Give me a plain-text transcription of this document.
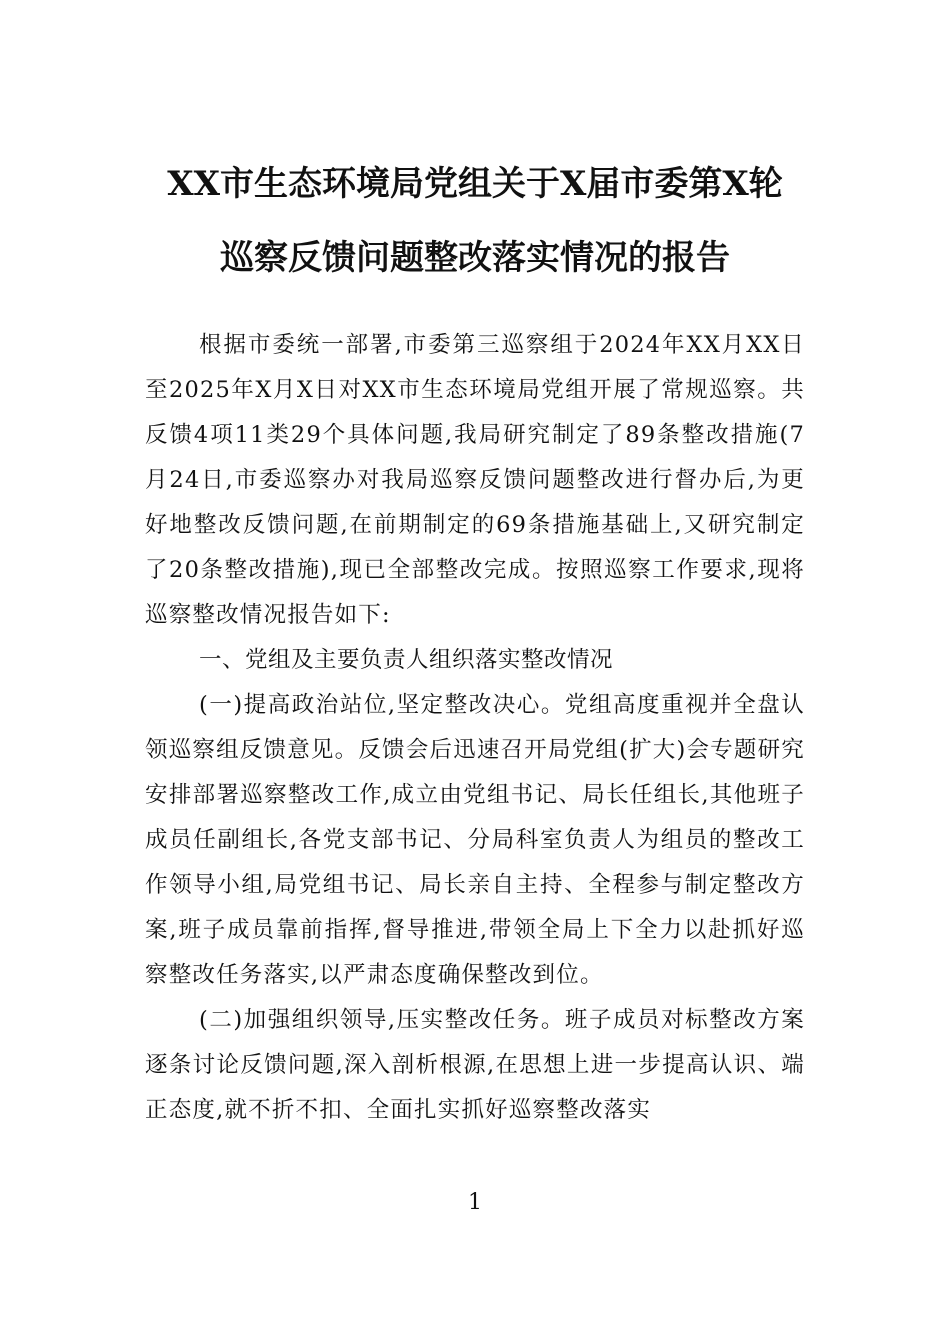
XX市生态环境局党组关于X届市委第X轮
巡察反馈问题整改落实情况的报告

根据市委统一部署,市委第三巡察组于2024年XX月XX日至2025年X月X日对XX市生态环境局党组开展了常规巡察。共反馈4项11类29个具体问题,我局研究制定了89条整改措施(7月24日,市委巡察办对我局巡察反馈问题整改进行督办后,为更好地整改反馈问题,在前期制定的69条措施基础上,又研究制定了20条整改措施),现已全部整改完成。按照巡察工作要求,现将巡察整改情况报告如下:

一、党组及主要负责人组织落实整改情况

(一)提高政治站位,坚定整改决心。党组高度重视并全盘认领巡察组反馈意见。反馈会后迅速召开局党组(扩大)会专题研究安排部署巡察整改工作,成立由党组书记、局长任组长,其他班子成员任副组长,各党支部书记、分局科室负责人为组员的整改工作领导小组,局党组书记、局长亲自主持、全程参与制定整改方案,班子成员靠前指挥,督导推进,带领全局上下全力以赴抓好巡察整改任务落实,以严肃态度确保整改到位。

(二)加强组织领导,压实整改任务。班子成员对标整改方案逐条讨论反馈问题,深入剖析根源,在思想上进一步提高认识、端正态度,就不折不扣、全面扎实抓好巡察整改落实

1
